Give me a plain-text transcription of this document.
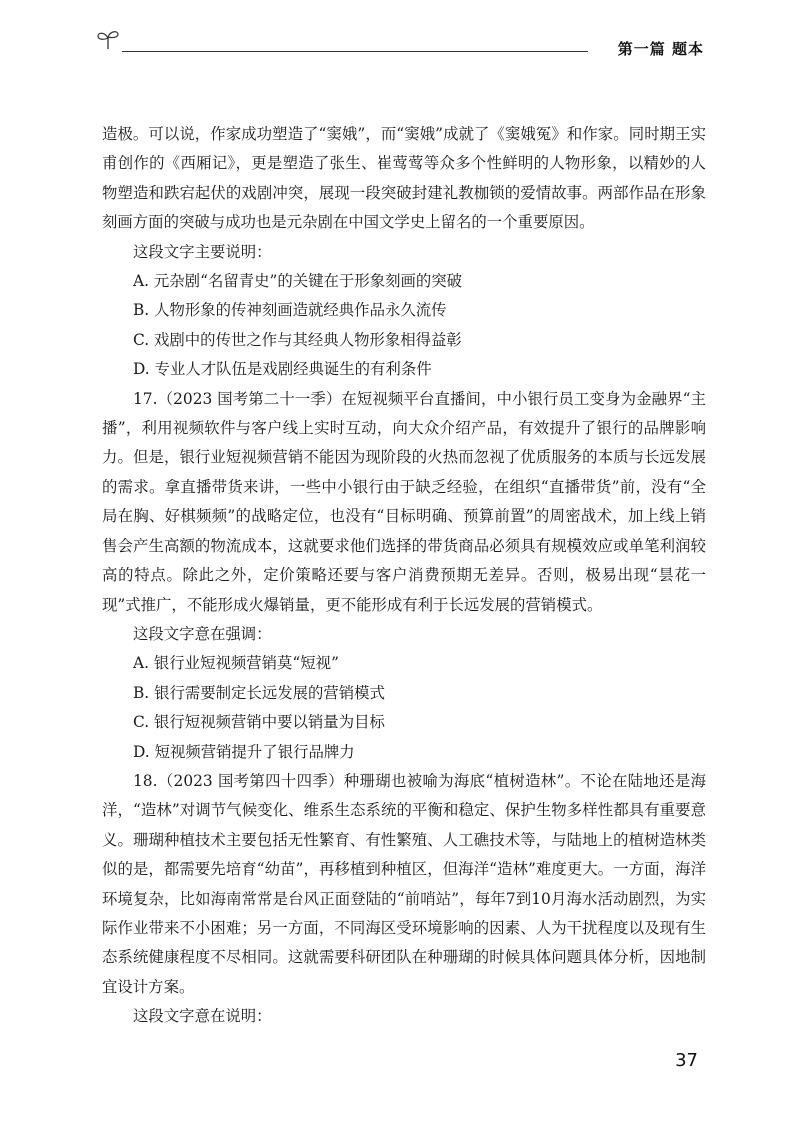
第一篇 题本

造极。可以说，作家成功塑造了“窦娥”，而“窦娥”成就了《窦娥冤》和作家。同时期王实甫创作的《西厢记》，更是塑造了张生、崔莺莺等众多个性鲜明的人物形象，以精妙的人物塑造和跌宕起伏的戏剧冲突，展现一段突破封建礼教枷锁的爱情故事。两部作品在形象刻画方面的突破与成功也是元杂剧在中国文学史上留名的一个重要原因。

这段文字主要说明：

A. 元杂剧“名留青史”的关键在于形象刻画的突破

B. 人物形象的传神刻画造就经典作品永久流传

C. 戏剧中的传世之作与其经典人物形象相得益彰

D. 专业人才队伍是戏剧经典诞生的有利条件

17.（2023 国考第二十一季）在短视频平台直播间，中小银行员工变身为金融界“主播”，利用视频软件与客户线上实时互动，向大众介绍产品，有效提升了银行的品牌影响力。但是，银行业短视频营销不能因为现阶段的火热而忽视了优质服务的本质与长远发展的需求。拿直播带货来讲，一些中小银行由于缺乏经验，在组织“直播带货”前，没有“全局在胸、好棋频频”的战略定位，也没有“目标明确、预算前置”的周密战术，加上线上销售会产生高额的物流成本，这就要求他们选择的带货商品必须具有规模效应或单笔利润较高的特点。除此之外，定价策略还要与客户消费预期无差异。否则，极易出现“昙花一现”式推广，不能形成火爆销量，更不能形成有利于长远发展的营销模式。

这段文字意在强调：

A. 银行业短视频营销莫“短视”

B. 银行需要制定长远发展的营销模式

C. 银行短视频营销中要以销量为目标

D. 短视频营销提升了银行品牌力

18.（2023 国考第四十四季）种珊瑚也被喻为海底“植树造林”。不论在陆地还是海洋，“造林”对调节气候变化、维系生态系统的平衡和稳定、保护生物多样性都具有重要意义。珊瑚种植技术主要包括无性繁育、有性繁殖、人工礁技术等，与陆地上的植树造林类似的是，都需要先培育“幼苗”，再移植到种植区，但海洋“造林”难度更大。一方面，海洋环境复杂，比如海南常常是台风正面登陆的“前哨站”，每年7到10月海水活动剧烈，为实际作业带来不小困难；另一方面，不同海区受环境影响的因素、人为干扰程度以及现有生态系统健康程度不尽相同。这就需要科研团队在种珊瑚的时候具体问题具体分析，因地制宜设计方案。

这段文字意在说明：

37
